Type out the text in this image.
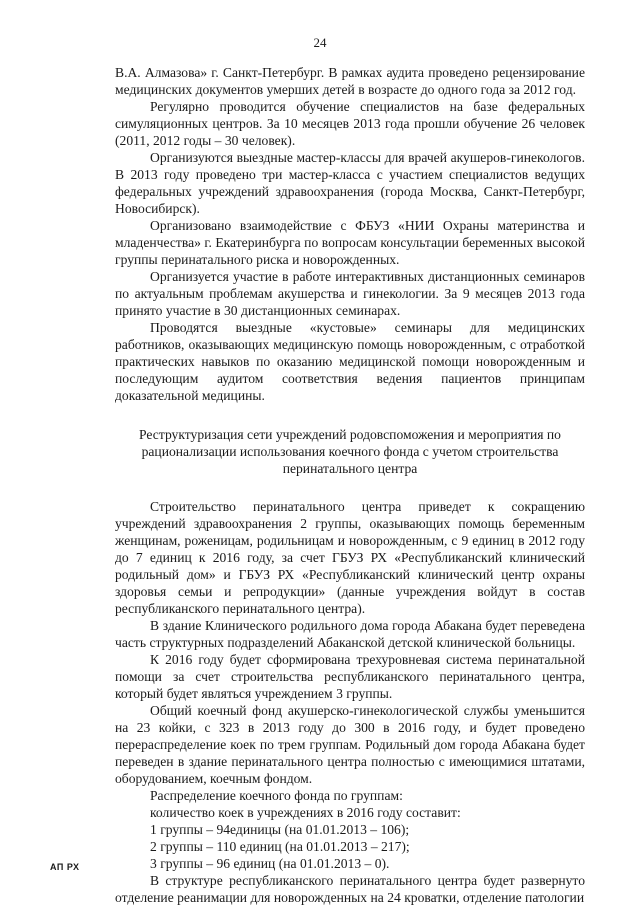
24

В.А. Алмазова» г. Санкт-Петербург. В рамках аудита проведено рецензирование медицинских документов умерших детей в возрасте до одного года за 2012 год.

Регулярно проводится обучение специалистов на базе федеральных симуляционных центров. За 10 месяцев 2013 года прошли обучение 26 человек (2011, 2012 годы – 30 человек).

Организуются выездные мастер-классы для врачей акушеров-гинекологов. В 2013 году проведено три мастер-класса с участием специалистов ведущих федеральных учреждений здравоохранения (города Москва, Санкт-Петербург, Новосибирск).

Организовано взаимодействие с ФБУЗ «НИИ Охраны материнства и младенчества» г. Екатеринбурга по вопросам консультации беременных высокой группы перинатального риска и новорожденных.

Организуется участие в работе интерактивных дистанционных семинаров по актуальным проблемам акушерства и гинекологии. За 9 месяцев 2013 года принято участие в 30 дистанционных семинарах.

Проводятся выездные «кустовые» семинары для медицинских работников, оказывающих медицинскую помощь новорожденным, с отработкой практических навыков по оказанию медицинской помощи новорожденным и последующим аудитом соответствия ведения пациентов принципам доказательной медицины.

Реструктуризация сети учреждений родовспоможения и мероприятия по рационализации использования коечного фонда с учетом строительства перинатального центра

Строительство перинатального центра приведет к сокращению учреждений здравоохранения 2 группы, оказывающих помощь беременным женщинам, роженицам, родильницам и новорожденным, с 9 единиц в 2012 году до 7 единиц к 2016 году, за счет ГБУЗ РХ «Республиканский клинический родильный дом» и ГБУЗ РХ «Республиканский клинический центр охраны здоровья семьи и репродукции» (данные учреждения войдут в состав республиканского перинатального центра).

В здание Клинического родильного дома города Абакана будет переведена часть структурных подразделений Абаканской детской клинической больницы.

К 2016 году будет сформирована трехуровневая система перинатальной помощи за счет строительства республиканского перинатального центра, который будет являться учреждением 3 группы.

Общий коечный фонд акушерско-гинекологической службы уменьшится на 23 койки, с 323 в 2013 году до 300 в 2016 году, и будет проведено перераспределение коек по трем группам. Родильный дом города Абакана будет переведен в здание перинатального центра полностью с имеющимися штатами, оборудованием, коечным фондом.

Распределение коечного фонда по группам:

количество коек в учреждениях в 2016 году составит:

1 группы – 94единицы (на 01.01.2013 – 106);

2 группы – 110 единиц (на 01.01.2013 – 217);

3 группы – 96 единиц (на 01.01.2013 – 0).

В структуре республиканского перинатального центра будет развернуто отделение реанимации для новорожденных на 24 кроватки, отделение патологии

АП РХ
